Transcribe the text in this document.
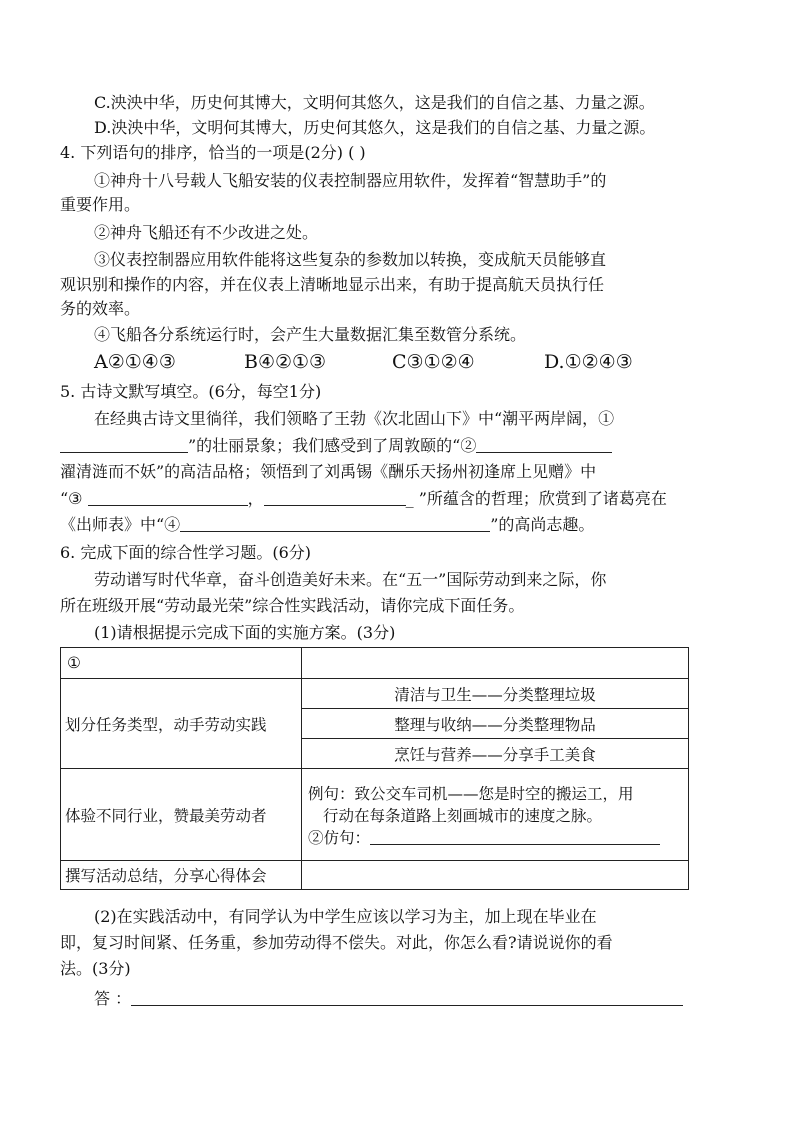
C.泱泱中华，历史何其博大，文明何其悠久，这是我们的自信之基、力量之源。
D.泱泱中华，文明何其博大，历史何其悠久，这是我们的自信之基、力量之源。
4. 下列语句的排序，恰当的一项是(2分) ( )
①神舟十八号载人飞船安装的仪表控制器应用软件，发挥着“智慧助手”的
重要作用。
②神舟飞船还有不少改进之处。
③仪表控制器应用软件能将这些复杂的参数加以转换，变成航天员能够直
观识别和操作的内容，并在仪表上清晰地显示出来，有助于提高航天员执行任
务的效率。
④飞船各分系统运行时，会产生大量数据汇集至数管分系统。
A②①④③	B④②①③	C③①②④	D.①②④③
5. 古诗文默写填空。(6分，每空1分)
在经典古诗文里徜徉，我们领略了王勃《次北固山下》中“潮平两岸阔，①
”的壮丽景象；我们感受到了周敦颐的“②
濯清涟而不妖”的高洁品格；领悟到了刘禹锡《酬乐天扬州初逢席上见赠》中
“③	，	_ ”所蕴含的哲理；欣赏到了诸葛亮在
《出师表》中“④	”的高尚志趣。
6. 完成下面的综合性学习题。(6分)
劳动谱写时代华章，奋斗创造美好未来。在“五一”国际劳动到来之际，你
所在班级开展“劳动最光荣”综合性实践活动，请你完成下面任务。
(1)请根据提示完成下面的实施方案。(3分)
①	
划分任务类型，动手劳动实践	清洁与卫生——分类整理垃圾
	整理与收纳——分类整理物品
	烹饪与营养——分享手工美食
体验不同行业，赞最美劳动者	例句：致公交车司机——您是时空的搬运工，用
行动在每条道路上刻画城市的速度之脉。
②仿句：

撰写活动总结，分享心得体会	
(2)在实践活动中，有同学认为中学生应该以学习为主，加上现在毕业在
即，复习时间紧、任务重，参加劳动得不偿失。对此，你怎么看?请说说你的看
法。(3分)
答 ：
